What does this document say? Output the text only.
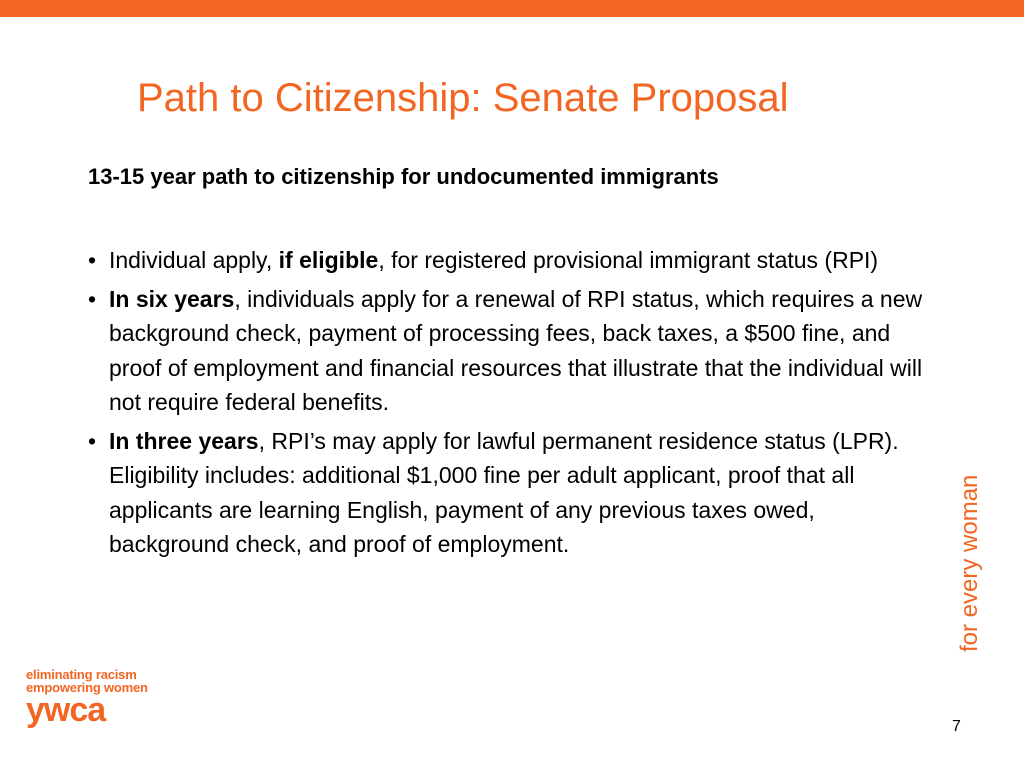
Path to Citizenship: Senate Proposal

13-15 year path to citizenship for undocumented immigrants

• Individual apply, if eligible, for registered provisional immigrant status (RPI)
• In six years, individuals apply for a renewal of RPI status, which requires a new background check, payment of processing fees, back taxes, a $500 fine, and proof of employment and financial resources that illustrate that the individual will not require federal benefits.
• In three years, RPI’s may apply for lawful permanent residence status (LPR). Eligibility includes: additional $1,000 fine per adult applicant, proof that all applicants are learning English, payment of any previous taxes owed, background check, and proof of employment.	for every woman
eliminating racism
empowering women
ywca	7
